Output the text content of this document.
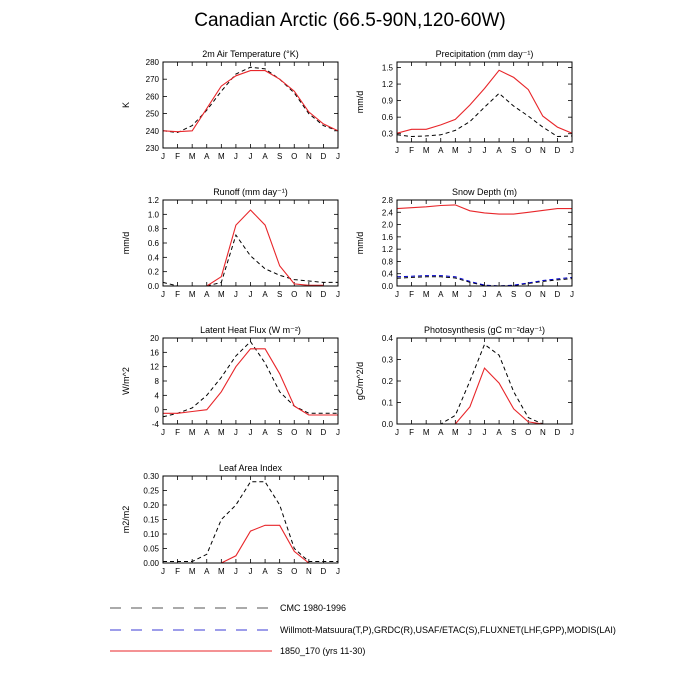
Canadian Arctic (66.5-90N,120-60W)
2m Air Temperature (°K)
K
230
240
250
260
270
280
J F M A M J J A S O N D J
Precipitation (mm day⁻¹)
mm/d
0.3
0.6
0.9
1.2
1.5
J F M A M J J A S O N D J
Runoff (mm day⁻¹)
mm/d
0.0
0.2
0.4
0.6
0.8
1.0
1.2
J F M A M J J A S O N D J
Snow Depth (m)
mm/d
0.0
0.4
0.8
1.2
1.6
2.0
2.4
2.8
J F M A M J J A S O N D J
Latent Heat Flux (W m⁻²)
W/m^2
-4
0
4
8
12
16
20
J F M A M J J A S O N D J
Photosynthesis (gC m⁻²day⁻¹)
gC/m^2/d
0.0
0.1
0.2
0.3
0.4
J F M A M J J A S O N D J
Leaf Area Index
m2/m2
0.00
0.05
0.10
0.15
0.20
0.25
0.30
J F M A M J J A S O N D J
CMC 1980-1996
Willmott-Matsuura(T,P),GRDC(R),USAF/ETAC(S),FLUXNET(LHF,GPP),MODIS(LAI)
1850_170 (yrs 11-30)
